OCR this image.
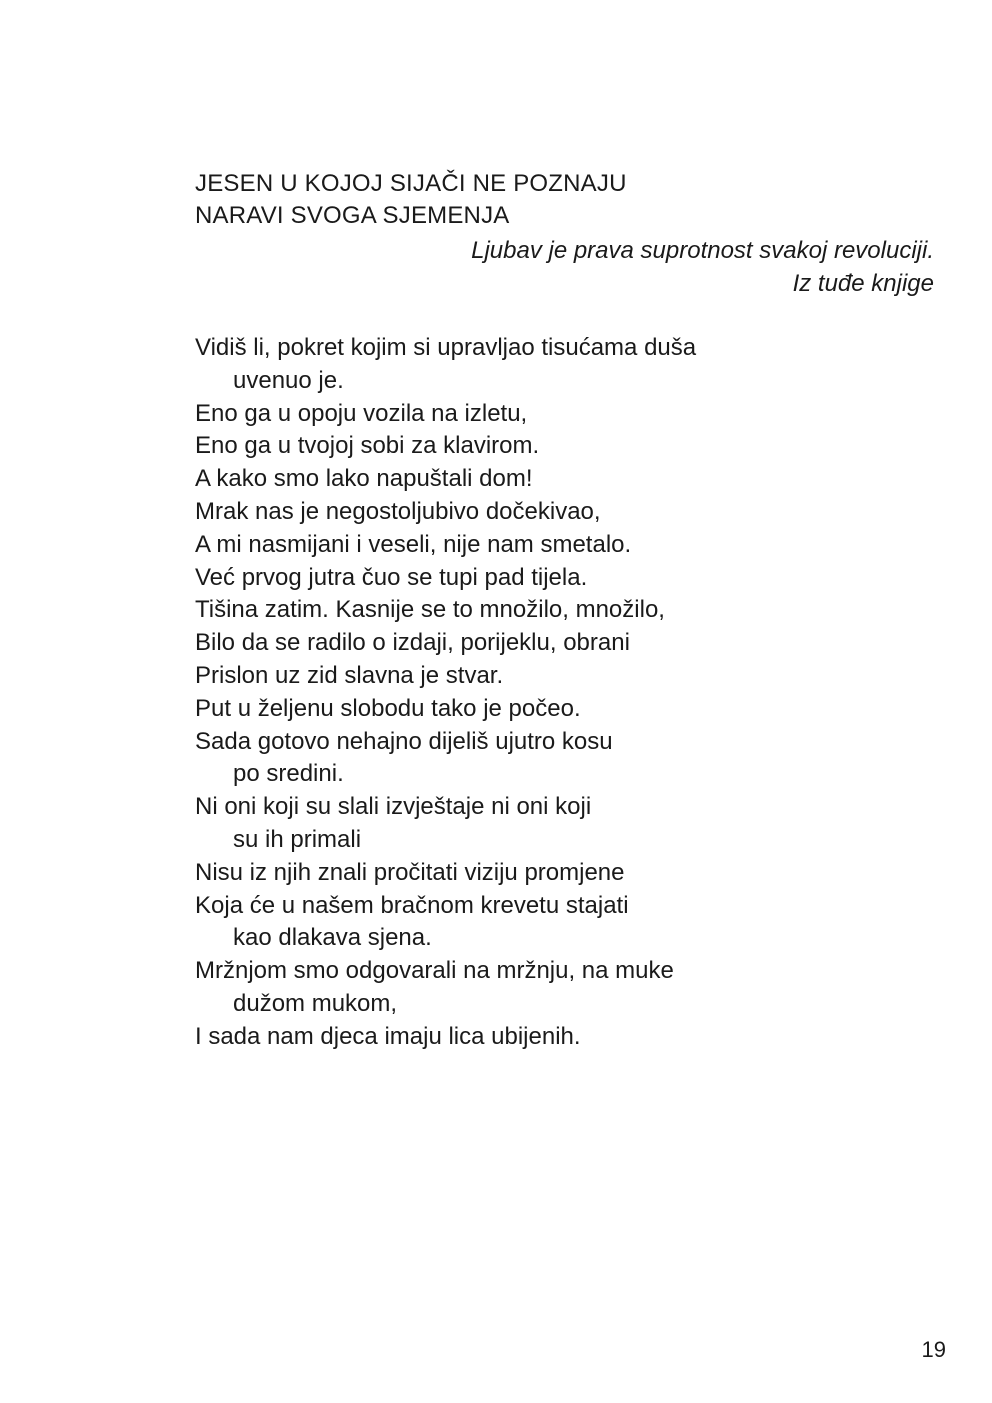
JESEN U KOJOJ SIJAČI NE POZNAJU
NARAVI SVOGA SJEMENJA
Ljubav je prava suprotnost svakoj revoluciji.
Iz tuđe knjige
Vidiš li, pokret kojim si upravljao tisućama duša
uvenuo je.
Eno ga u opoju vozila na izletu,
Eno ga u tvojoj sobi za klavirom.
A kako smo lako napuštali dom!
Mrak nas je negostoljubivo dočekivao,
A mi nasmijani i veseli, nije nam smetalo.
Već prvog jutra čuo se tupi pad tijela.
Tišina zatim. Kasnije se to množilo, množilo,
Bilo da se radilo o izdaji, porijeklu, obrani
Prislon uz zid slavna je stvar.
Put u željenu slobodu tako je počeo.
Sada gotovo nehajno dijeliš ujutro kosu
po sredini.
Ni oni koji su slali izvještaje ni oni koji
su ih primali
Nisu iz njih znali pročitati viziju promjene
Koja će u našem bračnom krevetu stajati
kao dlakava sjena.
Mržnjom smo odgovarali na mržnju, na muke
dužom mukom,
I sada nam djeca imaju lica ubijenih.
19
